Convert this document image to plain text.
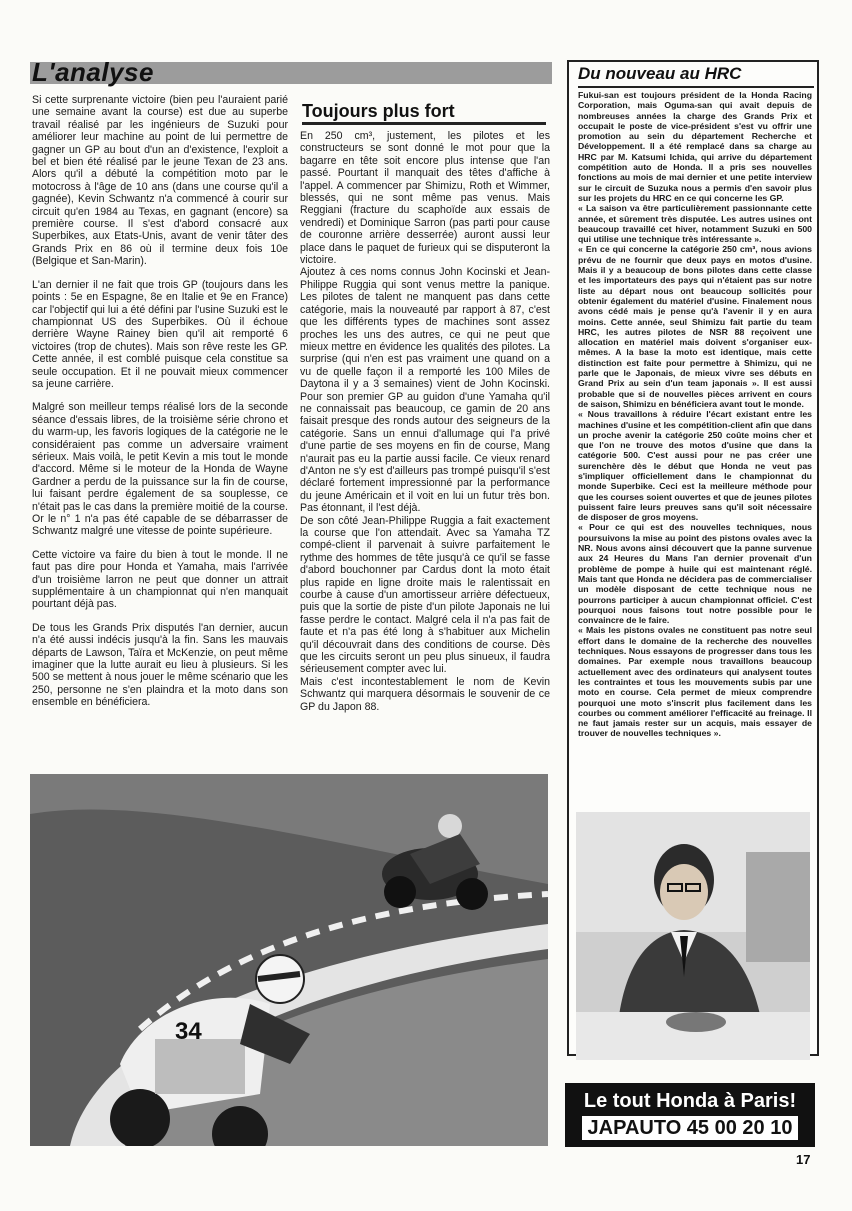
L'analyse

Si cette surprenante victoire (bien peu l'auraient parié une semaine avant la course) est due au superbe travail réalisé par les ingénieurs de Suzuki pour améliorer leur machine au point de lui permettre de gagner un GP au bout d'un an d'existence, l'exploit a bel et bien été réalisé par le jeune Texan de 23 ans. Alors qu'il a débuté la compétition moto par le motocross à l'âge de 10 ans (dans une course qu'il a gagnée), Kevin Schwantz n'a commencé à courir sur circuit qu'en 1984 au Texas, en gagnant (encore) sa première course. Il s'est d'abord consacré aux Superbikes, aux Etats-Unis, avant de venir tâter des Grands Prix en 86 où il termine deux fois 10e (Belgique et San-Marin).

L'an dernier il ne fait que trois GP (toujours dans les points : 5e en Espagne, 8e en Italie et 9e en France) car l'objectif qui lui a été défini par l'usine Suzuki est le championnat US des Superbikes. Où il échoue derrière Wayne Rainey bien qu'il ait remporté 6 victoires (trop de chutes). Mais son rêve reste les GP. Cette année, il est comblé puisque cela constitue sa seule occupation. Et il ne pouvait mieux commencer sa jeune carrière.

Malgré son meilleur temps réalisé lors de la seconde séance d'essais libres, de la troisième série chrono et du warm-up, les favoris logiques de la catégorie ne le considéraient pas comme un adversaire vraiment sérieux. Mais voilà, le petit Kevin a mis tout le monde d'accord. Même si le moteur de la Honda de Wayne Gardner a perdu de la puissance sur la fin de course, lui faisant perdre également de sa souplesse, ce n'était pas le cas dans la première moitié de la course. Or le n° 1 n'a pas été capable de se débarrasser de Schwantz malgré une vitesse de pointe supérieure.

Cette victoire va faire du bien à tout le monde. Il ne faut pas dire pour Honda et Yamaha, mais l'arrivée d'un troisième larron ne peut que donner un attrait supplémentaire à un championnat qui n'en manquait pourtant déjà pas.

De tous les Grands Prix disputés l'an dernier, aucun n'a été aussi indécis jusqu'à la fin. Sans les mauvais départs de Lawson, Taïra et McKenzie, on peut même imaginer que la lutte aurait eu lieu à plusieurs. Si les 500 se mettent à nous jouer le même scénario que les 250, personne ne s'en plaindra et la moto dans son ensemble en bénéficiera.

Toujours plus fort

En 250 cm³, justement, les pilotes et les constructeurs se sont donné le mot pour que la bagarre en tête soit encore plus intense que l'an passé. Pourtant il manquait des têtes d'affiche à l'appel. A commencer par Shimizu, Roth et Wimmer, blessés, qui ne sont même pas venus. Mais Reggiani (fracture du scaphoïde aux essais de vendredi) et Dominique Sarron (pas parti pour cause de couronne arrière desserrée) auront aussi leur place dans le paquet de furieux qui se disputeront la victoire.

Ajoutez à ces noms connus John Kocinski et Jean-Philippe Ruggia qui sont venus mettre la panique. Les pilotes de talent ne manquent pas dans cette catégorie, mais la nouveauté par rapport à 87, c'est que les différents types de machines sont assez proches les uns des autres, ce qui ne peut que mieux mettre en évidence les qualités des pilotes. La surprise (qui n'en est pas vraiment une quand on a vu de quelle façon il a remporté les 100 Miles de Daytona il y a 3 semaines) vient de John Kocinski. Pour son premier GP au guidon d'une Yamaha qu'il ne connaissait pas beaucoup, ce gamin de 20 ans faisait presque des ronds autour des seigneurs de la catégorie. Sans un ennui d'allumage qui l'a privé d'une partie de ses moyens en fin de course, Mang n'aurait pas eu la partie aussi facile. Ce vieux renard d'Anton ne s'y est d'ailleurs pas trompé puisqu'il s'est déclaré fortement impressionné par la performance du jeune Américain et il voit en lui un futur très bon. Pas étonnant, il l'est déjà.

De son côté Jean-Philippe Ruggia a fait exactement la course que l'on attendait. Avec sa Yamaha TZ compé-client il parvenait à suivre parfaitement le rythme des hommes de tête jusqu'à ce qu'il se fasse d'abord bouchonner par Cardus dont la moto était plus rapide en ligne droite mais le ralentissait en courbe à cause d'un amortisseur arrière défectueux, puis que la sortie de piste d'un pilote Japonais ne lui fasse perdre le contact. Malgré cela il n'a pas fait de faute et n'a pas été long à s'habituer aux Michelin qu'il découvrait dans des conditions de course. Dès que les circuits seront un peu plus sinueux, il faudra sérieusement compter avec lui.

Mais c'est incontestablement le nom de Kevin Schwantz qui marquera désormais le souvenir de ce GP du Japon 88.

Du nouveau au HRC

Fukui-san est toujours président de la Honda Racing Corporation, mais Oguma-san qui avait depuis de nombreuses années la charge des Grands Prix et occupait le poste de vice-président s'est vu offrir une promotion au sein du département Recherche et Développement. Il a été remplacé dans sa charge au HRC par M. Katsumi Ichida, qui arrive du département compétition auto de Honda. Il a pris ses nouvelles fonctions au mois de mai dernier et une petite interview sur le circuit de Suzuka nous a permis d'en savoir plus sur les projets du HRC en ce qui concerne les GP.

« La saison va être particulièrement passionnante cette année, et sûrement très disputée. Les autres usines ont beaucoup travaillé cet hiver, notamment Suzuki en 500 qui utilise une technique très intéressante ».

« En ce qui concerne la catégorie 250 cm³, nous avions prévu de ne fournir que deux pays en motos d'usine. Mais il y a beaucoup de bons pilotes dans cette classe et les importateurs des pays qui n'étaient pas sur notre liste au départ nous ont beaucoup sollicités pour obtenir également du matériel d'usine. Finalement nous avons cédé mais je pense qu'à l'avenir il y en aura moins. Cette année, seul Shimizu fait partie du team HRC, les autres pilotes de NSR 88 reçoivent une allocation en matériel mais doivent s'organiser eux-mêmes. A la base la moto est identique, mais cette distinction est faite pour permettre à Shimizu, qui ne parle que le Japonais, de mieux vivre ses débuts en Grand Prix au sein d'un team japonais ». Il est aussi probable que si de nouvelles pièces arrivent en cours de saison, Shimizu en bénéficiera avant tout le monde.

« Nous travaillons à réduire l'écart existant entre les machines d'usine et les compétition-client afin que dans un proche avenir la catégorie 250 coûte moins cher et que l'on ne trouve des motos d'usine que dans la catégorie 500. C'est aussi pour ne pas créer une surenchère dès le début que Honda ne veut pas s'impliquer officiellement dans le championnat du monde Superbike. Ceci est la meilleure méthode pour que les courses soient ouvertes et que de jeunes pilotes puissent faire leurs preuves sans qu'il soit nécessaire de disposer de gros moyens.

« Pour ce qui est des nouvelles techniques, nous poursuivons la mise au point des pistons ovales avec la NR. Nous avons ainsi découvert que la panne survenue aux 24 Heures du Mans l'an dernier provenait d'un problème de pompe à huile qui est maintenant réglé. Mais tant que Honda ne décidera pas de commercialiser un modèle disposant de cette technique nous ne pourrons participer à aucun championnat officiel. C'est pourquoi nous faisons tout notre possible pour le convaincre de le faire.

« Mais les pistons ovales ne constituent pas notre seul effort dans le domaine de la recherche des nouvelles techniques. Nous essayons de progresser dans tous les domaines. Par exemple nous travaillons beaucoup actuellement avec des ordinateurs qui analysent toutes les contraintes et tous les mouvements subis par une moto en course. Cela permet de mieux comprendre pourquoi une moto s'inscrit plus facilement dans les courbes ou comment améliorer l'efficacité au freinage. Il ne faut jamais rester sur un acquis, mais essayer de trouver de nouvelles techniques ».

34
Le tout Honda à Paris!
JAPAUTO 45 00 20 10
17
